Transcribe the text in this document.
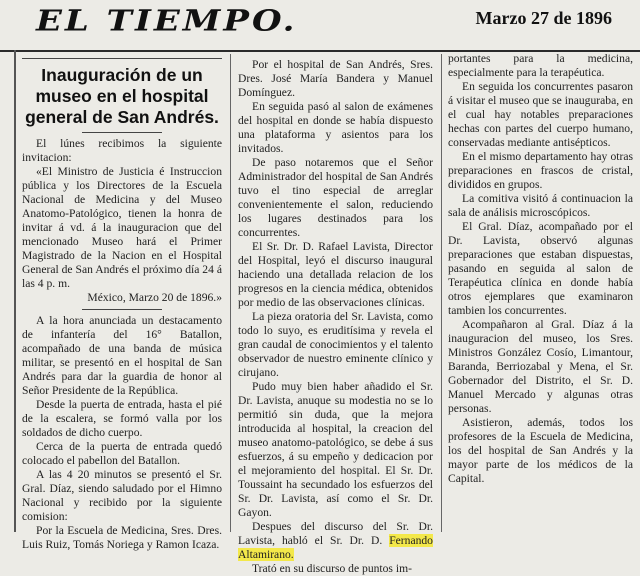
EL TIEMPO.	Marzo 27 de 1896
Inauguración de un museo en el hospital general de San Andrés.

El lúnes recibimos la siguiente invitacion:

«El Ministro de Justicia é Instruccion pública y los Directores de la Escuela Nacional de Medicina y del Museo Anatomo-Patológico, tienen la honra de invitar á vd. á la inauguracion que del mencionado Museo hará el Primer Magistrado de la Nacion en el Hospital General de San Andrés el próximo día 24 á las 4 p. m.

México, Marzo 20 de 1896.»

A la hora anunciada un destacamento de infantería del 16° Batallon, acompañado de una banda de música militar, se presentó en el hospital de San Andrés para dar la guardia de honor al Señor Presidente de la República.

Desde la puerta de entrada, hasta el pié de la escalera, se formó valla por los soldados de dicho cuerpo.

Cerca de la puerta de entrada quedó colocado el pabellon del Batallon.

A las 4 20 minutos se presentó el Sr. Gral. Díaz, siendo saludado por el Himno Nacional y recibido por la siguiente comision:

Por la Escuela de Medicina, Sres. Dres. Luis Ruiz, Tomás Noriega y Ramon Icaza.

Por el hospital de San Andrés, Sres. Dres. José María Bandera y Manuel Domínguez.

En seguida pasó al salon de exámenes del hospital en donde se había dispuesto una plataforma y asientos para los invitados.

De paso notaremos que el Señor Administrador del hospital de San Andrés tuvo el tino especial de arreglar convenientemente el salon, reduciendo los lugares destinados para los concurrentes.

El Sr. Dr. D. Rafael Lavista, Director del Hospital, leyó el discurso inaugural haciendo una detallada relacion de los progresos en la ciencia médica, obtenidos por medio de las observaciones clínicas.

La pieza oratoria del Sr. Lavista, como todo lo suyo, es eruditísima y revela el gran caudal de conocimientos y el talento observador de nuestro eminente clínico y cirujano.

Pudo muy bien haber añadido el Sr. Dr. Lavista, anuque su modestia no se lo permitió sin duda, que la mejora introducida al hospital, la creacion del museo anatomo-patológico, se debe á sus esfuerzos, á su empeño y dedicacion por el mejoramiento del hospital. El Sr. Dr. Toussaint ha secundado los esfuerzos del Sr. Dr. Lavista, así como el Sr. Dr. Gayon.

Despues del discurso del Sr. Dr. Lavista, habló el Sr. Dr. D. Fernando Altamirano.

Trató en su discurso de puntos im-

portantes para la medicina, especialmente para la terapéutica.

En seguida los concurrentes pasaron á visitar el museo que se inauguraba, en el cual hay notables preparaciones hechas con partes del cuerpo humano, conservadas mediante antisépticos.

En el mismo departamento hay otras preparaciones en frascos de cristal, divididos en grupos.

La comitiva visitó á continuacion la sala de análisis microscópicos.

El Gral. Díaz, acompañado por el Dr. Lavista, observó algunas preparaciones que estaban dispuestas, pasando en seguida al salon de Terapéutica clínica en donde había otros ejemplares que examinaron tambien los concurrentes.

Acompañaron al Gral. Díaz á la inauguracion del museo, los Sres. Ministros González Cosío, Limantour, Baranda, Berriozabal y Mena, el Sr. Gobernador del Distrito, el Sr. D. Manuel Mercado y algunas otras personas.

Asistieron, además, todos los profesores de la Escuela de Medicina, los del hospital de San Andrés y la mayor parte de los médicos de la Capital.
